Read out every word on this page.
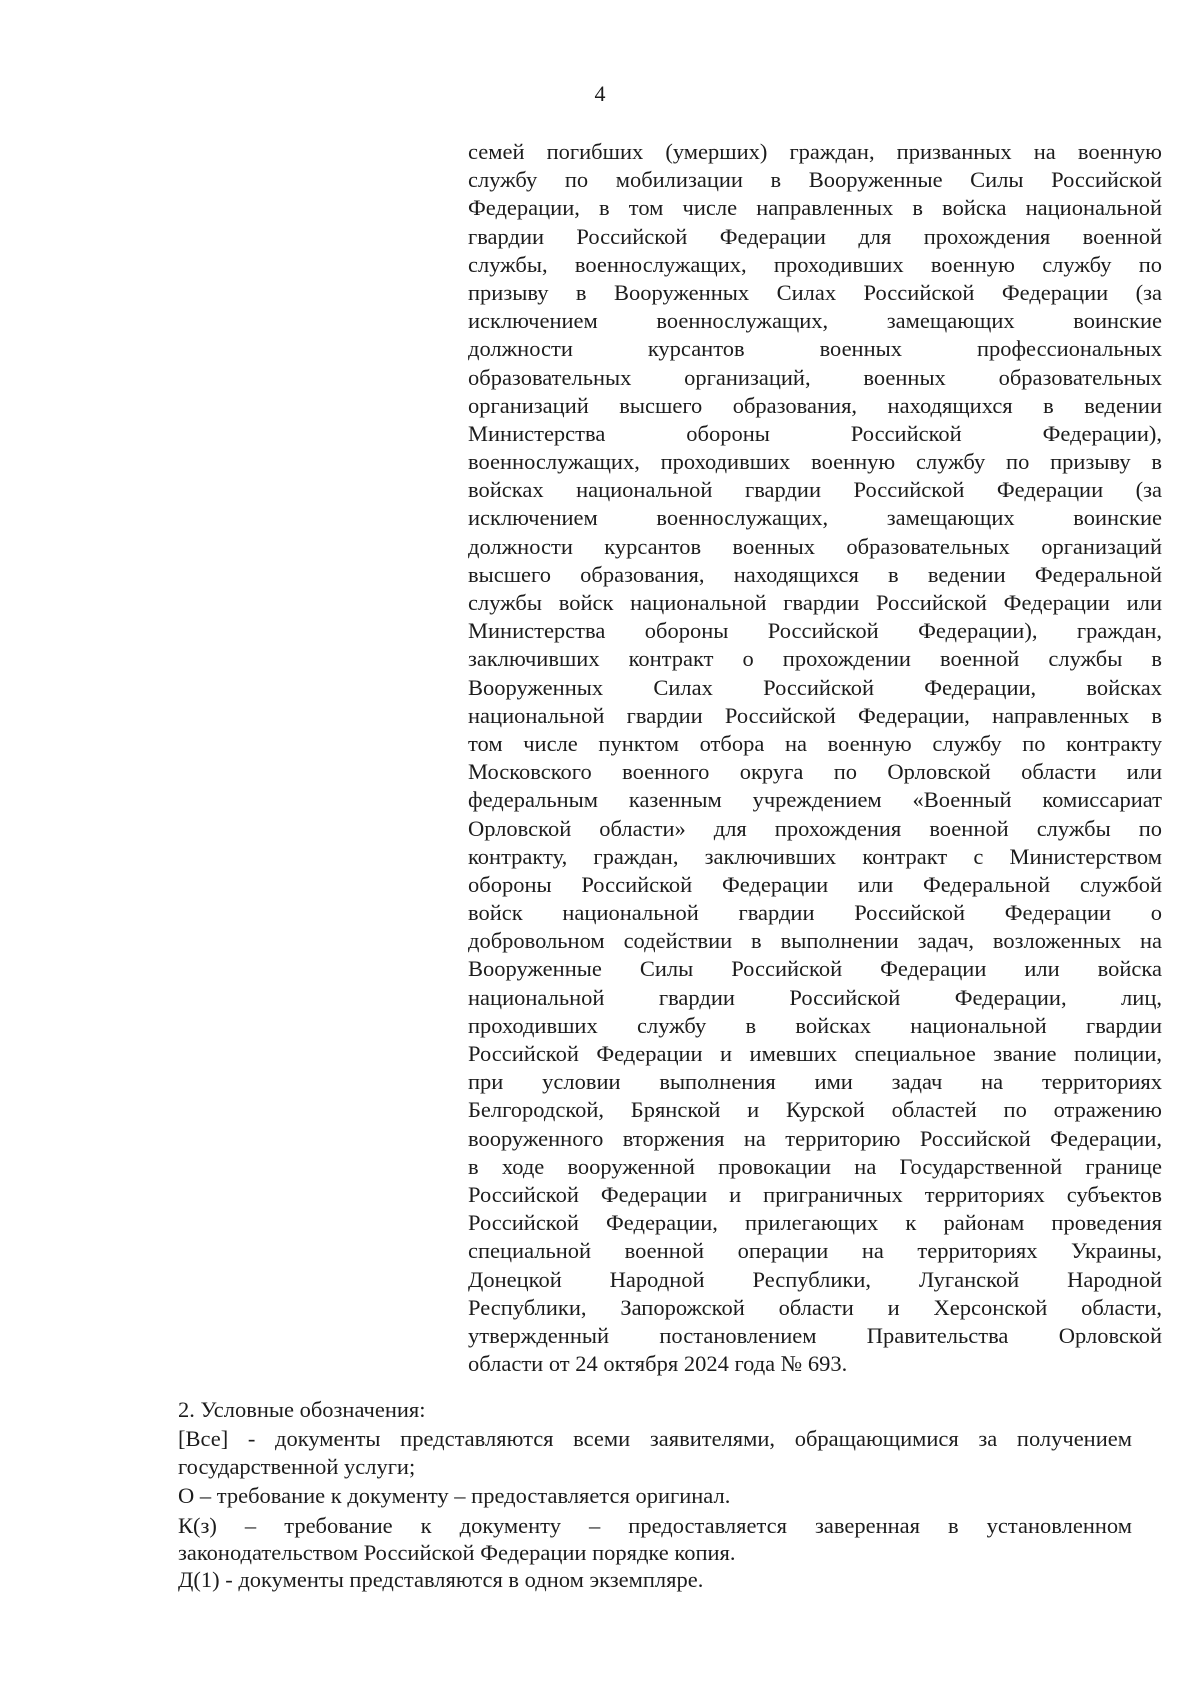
4
семей погибших (умерших) граждан, призванных на военную
службу по мобилизации в Вооруженные Силы Российской
Федерации, в том числе направленных в войска национальной
гвардии Российской Федерации для прохождения военной
службы, военнослужащих, проходивших военную службу по
призыву в Вооруженных Силах Российской Федерации (за
исключением военнослужащих, замещающих воинские
должности курсантов военных профессиональных
образовательных организаций, военных образовательных
организаций высшего образования, находящихся в ведении
Министерства обороны Российской Федерации),
военнослужащих, проходивших военную службу по призыву в
войсках национальной гвардии Российской Федерации (за
исключением военнослужащих, замещающих воинские
должности курсантов военных образовательных организаций
высшего образования, находящихся в ведении Федеральной
службы войск национальной гвардии Российской Федерации или
Министерства обороны Российской Федерации), граждан,
заключивших контракт о прохождении военной службы в
Вооруженных Силах Российской Федерации, войсках
национальной гвардии Российской Федерации, направленных в
том числе пунктом отбора на военную службу по контракту
Московского военного округа по Орловской области или
федеральным казенным учреждением «Военный комиссариат
Орловской области» для прохождения военной службы по
контракту, граждан, заключивших контракт с Министерством
обороны Российской Федерации или Федеральной службой
войск национальной гвардии Российской Федерации о
добровольном содействии в выполнении задач, возложенных на
Вооруженные Силы Российской Федерации или войска
национальной гвардии Российской Федерации, лиц,
проходивших службу в войсках национальной гвардии
Российской Федерации и имевших специальное звание полиции,
при условии выполнения ими задач на территориях
Белгородской, Брянской и Курской областей по отражению
вооруженного вторжения на территорию Российской Федерации,
в ходе вооруженной провокации на Государственной границе
Российской Федерации и приграничных территориях субъектов
Российской Федерации, прилегающих к районам проведения
специальной военной операции на территориях Украины,
Донецкой Народной Республики, Луганской Народной
Республики, Запорожской области и Херсонской области,
утвержденный постановлением Правительства Орловской
области от 24 октября 2024 года № 693.
2. Условные обозначения:
[Все] - документы представляются всеми заявителями, обращающимися за получением
государственной услуги;
О – требование к документу – предоставляется оригинал.
К(з) – требование к документу – предоставляется заверенная в установленном
законодательством Российской Федерации порядке копия.
Д(1) - документы представляются в одном экземпляре.
